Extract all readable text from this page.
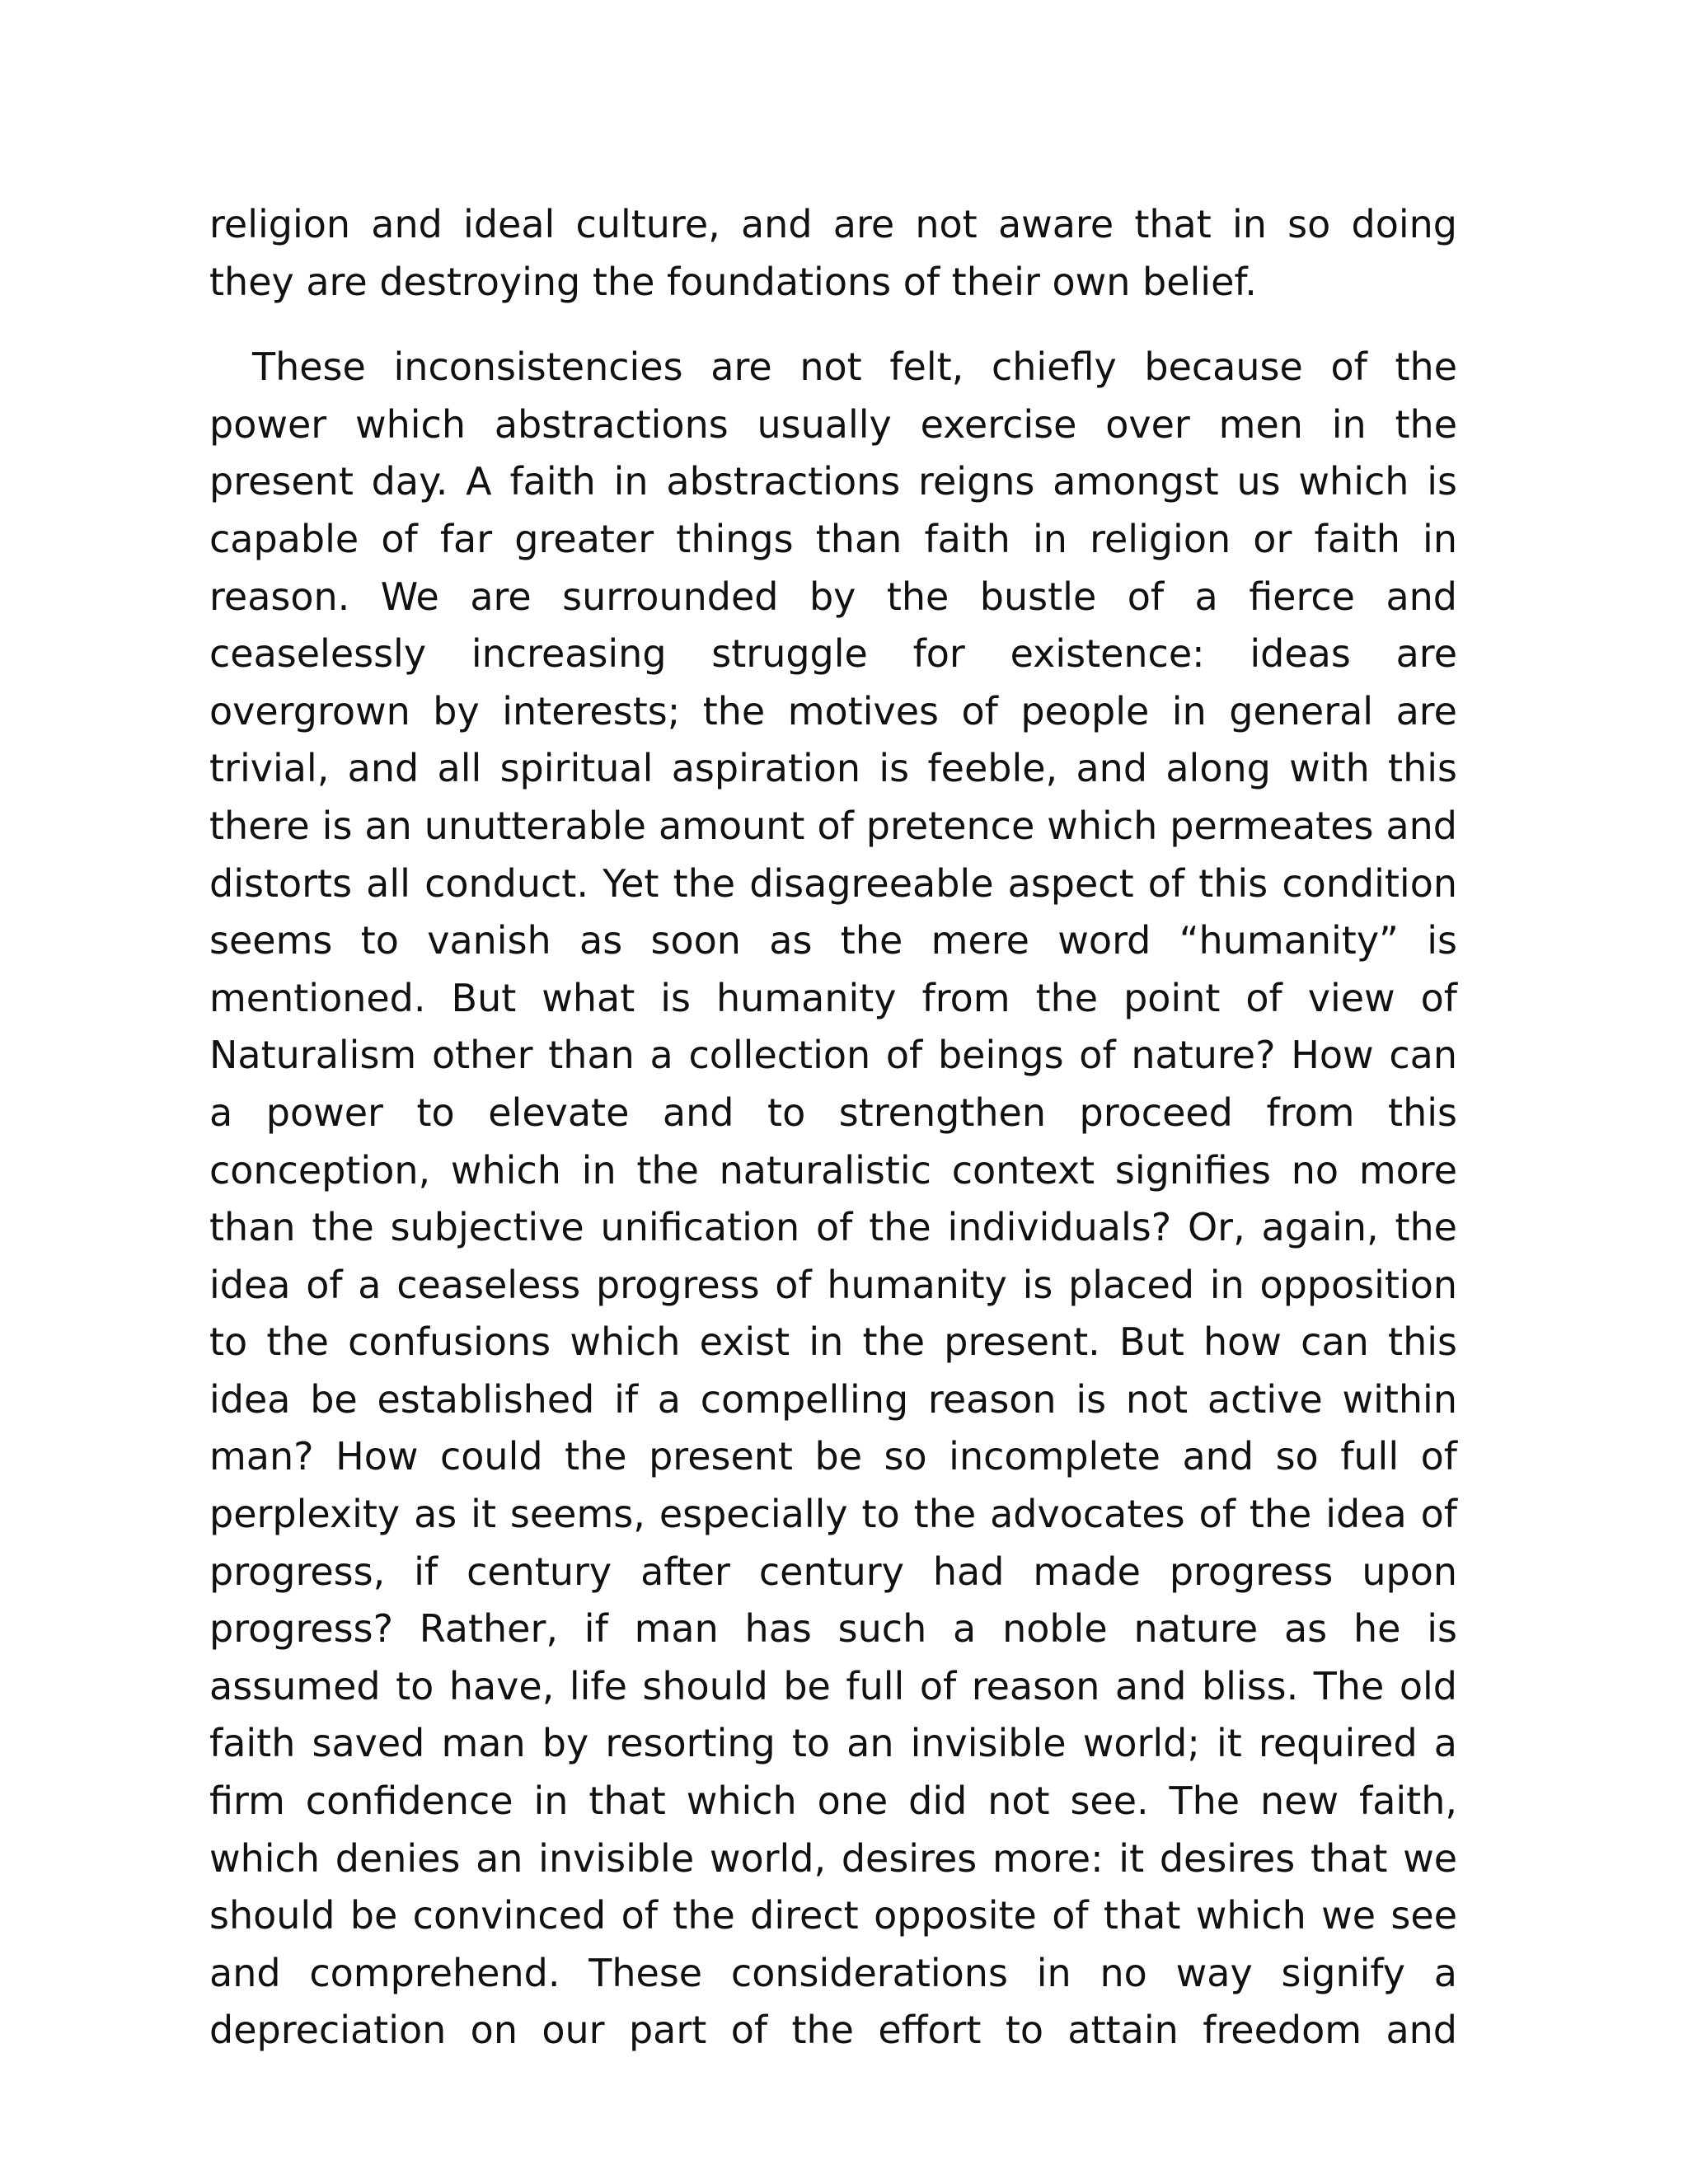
religion and ideal culture, and are not aware that in so doing they are destroying the foundations of their own belief.

These inconsistencies are not felt, chiefly because of the power which abstractions usually exercise over men in the present day. A faith in abstractions reigns amongst us which is capable of far greater things than faith in religion or faith in reason. We are surrounded by the bustle of a fierce and ceaselessly increasing struggle for existence: ideas are overgrown by interests; the motives of people in general are trivial, and all spiritual aspiration is feeble, and along with this there is an unutterable amount of pretence which permeates and distorts all conduct. Yet the disagreeable aspect of this condition seems to vanish as soon as the mere word “humanity” is mentioned. But what is humanity from the point of view of Naturalism other than a collection of beings of nature? How can a power to elevate and to strengthen proceed from this conception, which in the naturalistic context signifies no more than the subjective unification of the individuals? Or, again, the idea of a ceaseless progress of humanity is placed in opposition to the confusions which exist in the present. But how can this idea be established if a compelling reason is not active within man? How could the present be so incomplete and so full of perplexity as it seems, especially to the advocates of the idea of progress, if century after century had made progress upon progress? Rather, if man has such a noble nature as he is assumed to have, life should be full of reason and bliss. The old faith saved man by resorting to an invisible world; it required a firm confidence in that which one did not see. The new faith, which denies an invisible world, desires more: it desires that we should be convinced of the direct opposite of that which we see and comprehend. These considerations in no way signify a depreciation on our part of the effort to attain freedom and
